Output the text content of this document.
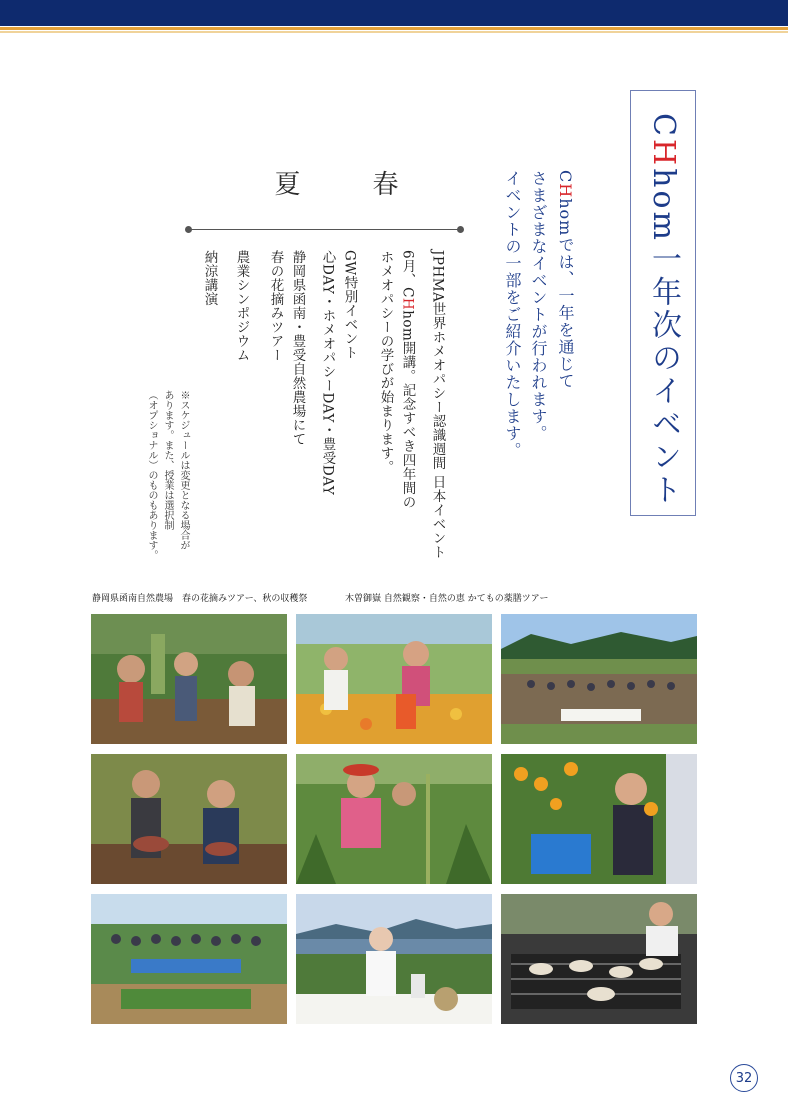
CHhom一年次のイベント
CHhomでは、一年を通じて
さまざまなイベントが行われます。
イベントの一部をご紹介いたします。
春
夏
JPHMA世界ホメオパシー認識週間 日本イベント
6月、CHhom開講。記念すべき四年間の
ホメオパシーの学びが始まります。
GW特別イベント
心DAY・ホメオパシーDAY・豊受DAY
静岡県函南・豊受自然農場にて
春の花摘みツアー
農業シンポジウム
納涼講演
※スケジュールは変更となる場合が
あります。また、授業は選択制
（オプショナル）のものもあります。
静岡県函南自然農場　春の花摘みツアー、秋の収穫祭	木曽御嶽 自然観察・自然の恵 かてもの薬膳ツアー
32
